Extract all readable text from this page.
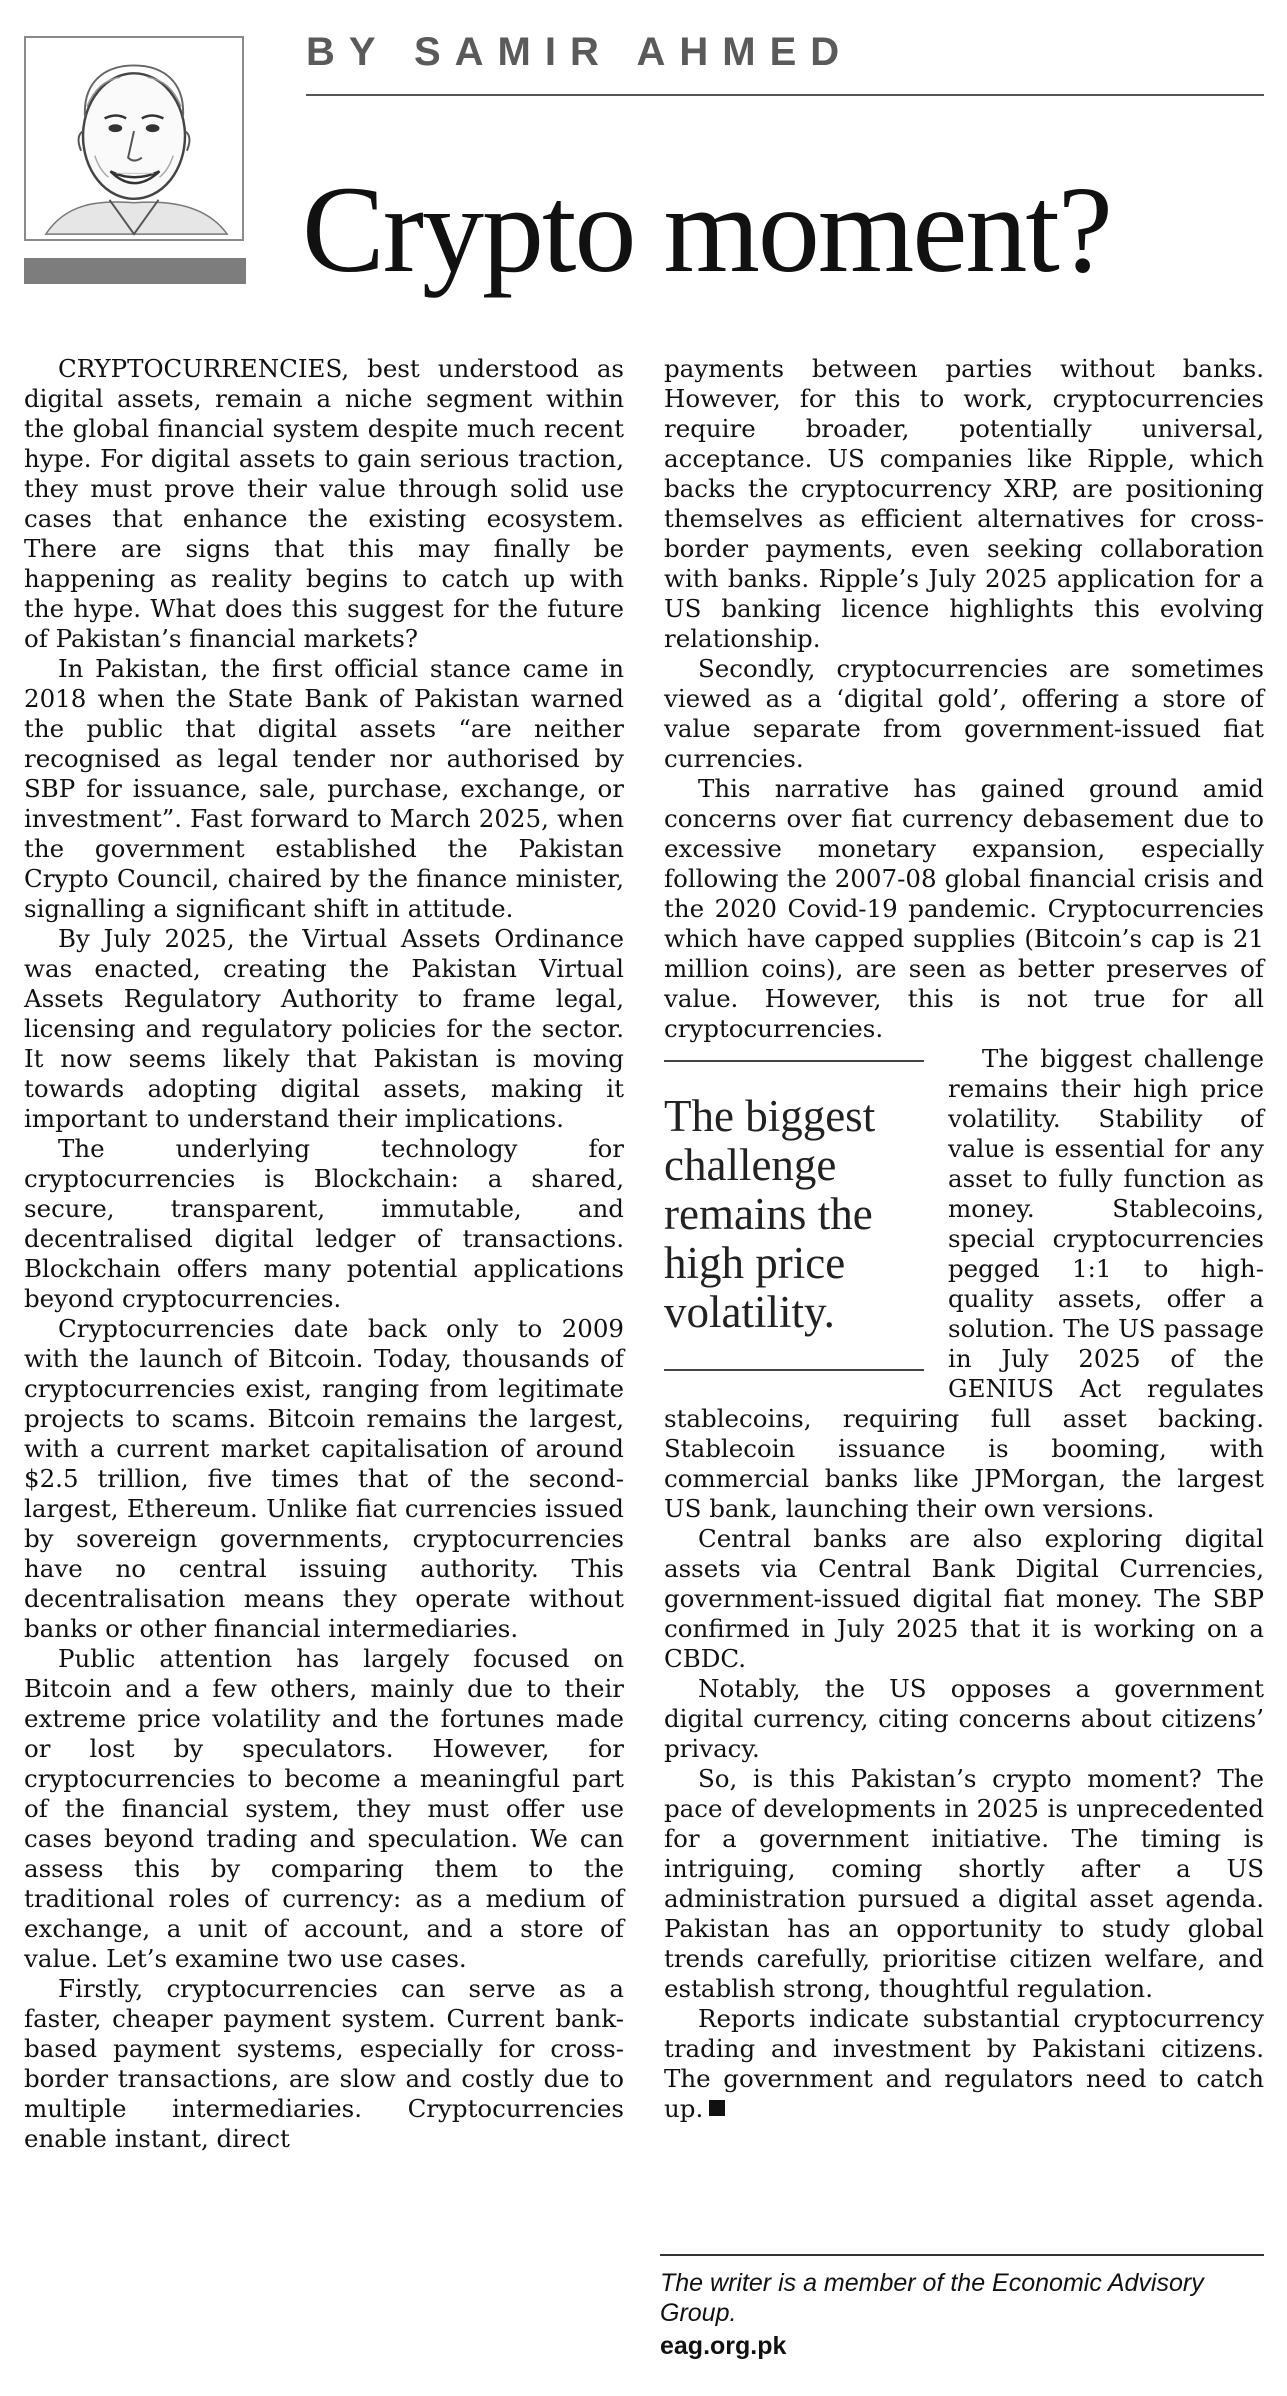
BY SAMIR AHMED
Crypto moment?

CRYPTOCURRENCIES, best understood as digital assets, remain a niche segment within the global financial system despite much recent hype. For digital assets to gain serious traction, they must prove their value through solid use cases that enhance the existing ecosystem. There are signs that this may finally be happening as reality begins to catch up with the hype. What does this suggest for the future of Pakistan’s financial markets?

In Pakistan, the first official stance came in 2018 when the State Bank of Pakistan warned the public that digital assets “are neither recognised as legal tender nor authorised by SBP for issuance, sale, purchase, exchange, or investment”. Fast forward to March 2025, when the government established the Pakistan Crypto Council, chaired by the finance minister, signalling a significant shift in attitude.

By July 2025, the Virtual Assets Ordinance was enacted, creating the Pakistan Virtual Assets Regulatory Authority to frame legal, licensing and regulatory policies for the sector. It now seems likely that Pakistan is moving towards adopting digital assets, making it important to understand their implications.

The underlying technology for cryptocurrencies is Blockchain: a shared, secure, transparent, immutable, and decentralised digital ledger of transactions. Blockchain offers many potential applications beyond cryptocurrencies.

Cryptocurrencies date back only to 2009 with the launch of Bitcoin. Today, thousands of cryptocurrencies exist, ranging from legitimate projects to scams. Bitcoin remains the largest, with a current market capitalisation of around $2.5 trillion, five times that of the second-largest, Ethereum. Unlike fiat currencies issued by sovereign governments, cryptocurrencies have no central issuing authority. This decentralisation means they operate without banks or other financial intermediaries.

Public attention has largely focused on Bitcoin and a few others, mainly due to their extreme price volatility and the fortunes made or lost by speculators. However, for cryptocurrencies to become a meaningful part of the financial system, they must offer use cases beyond trading and speculation. We can assess this by comparing them to the traditional roles of currency: as a medium of exchange, a unit of account, and a store of value. Let’s examine two use cases.

Firstly, cryptocurrencies can serve as a faster, cheaper payment system. Current bank-based payment systems, especially for cross-border transactions, are slow and costly due to multiple intermediaries. Cryptocurrencies enable instant, direct

payments between parties without banks. However, for this to work, cryptocurrencies require broader, potentially universal, acceptance. US companies like Ripple, which backs the cryptocurrency XRP, are positioning themselves as efficient alternatives for cross-border payments, even seeking collaboration with banks. Ripple’s July 2025 application for a US banking licence highlights this evolving relationship.

Secondly, cryptocurrencies are sometimes viewed as a ‘digital gold’, offering a store of value separate from government-issued fiat currencies.

This narrative has gained ground amid concerns over fiat currency debasement due to excessive monetary expansion, especially following the 2007-08 global financial crisis and the 2020 Covid-19 pandemic. Cryptocurrencies which have capped supplies (Bitcoin’s cap is 21 million coins), are seen as better preserves of value. However, this is not true for all cryptocurrencies.

The biggest challenge remains the high price volatility.

The biggest challenge remains their high price volatility. Stability of value is essential for any asset to fully function as money. Stablecoins, special cryptocurrencies pegged 1:1 to high-quality assets, offer a solution. The US passage in July 2025 of the GENIUS Act regulates stablecoins, requiring full asset backing. Stablecoin issuance is booming, with commercial banks like JPMorgan, the largest US bank, launching their own versions.

Central banks are also exploring digital assets via Central Bank Digital Currencies, government-issued digital fiat money. The SBP confirmed in July 2025 that it is working on a CBDC.

Notably, the US opposes a government digital currency, citing concerns about citizens’ privacy.

So, is this Pakistan’s crypto moment? The pace of developments in 2025 is unprecedented for a government initiative. The timing is intriguing, coming shortly after a US administration pursued a digital asset agenda. Pakistan has an opportunity to study global trends carefully, prioritise citizen welfare, and establish strong, thoughtful regulation.

Reports indicate substantial cryptocurrency trading and investment by Pakistani citizens. The government and regulators need to catch up.

The writer is a member of the Economic Advisory Group.
eag.org.pk
